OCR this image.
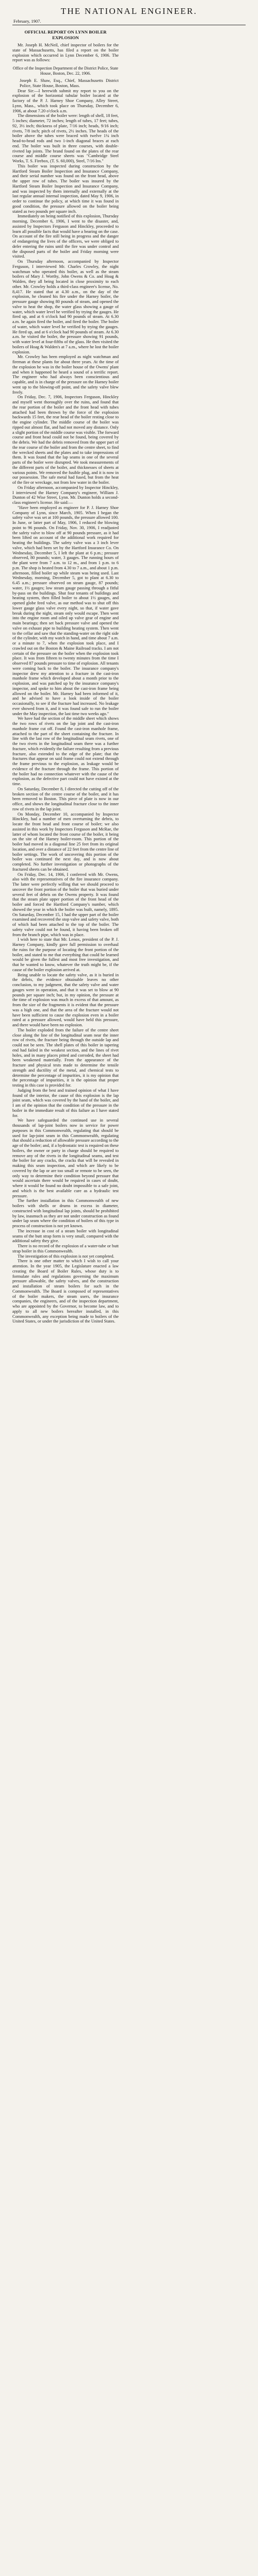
THE NATIONAL ENGINEER.
February, 1907.
OFFICIAL REPORT ON LYNN BOILER EXPLOSION

Mr. Joseph H. McNeil, chief inspector of boilers for the state of Massachusetts, has filed a report on the boiler explosion which occurred in Lynn December 6, 1906. The report was as follows:

Office of the Inspection Department of the District Police, State House, Boston, Dec. 22, 1906.

Joseph E. Shaw, Esq., Chief, Massachusetts District Police, State House, Boston, Mass.

Dear Sir:—I herewith submit my report to you on the explosion of the horizontal tubular boiler located at the factory of the P. J. Harney Shoe Company, Alley Street, Lynn, Mass., which took place on Thursday, December 6, 1906, at about 7.20 o'clock a.m.

The dimensions of the boiler were: length of shell, 18 feet, 5 inches; diameter, 72 inches; length of tubes, 17 feet; tubes, 92, 3½ inch; thickness of plate, 7/16 inch; heads, 9/16 inch; rivets, 7/8 inch; pitch of rivets, 2½ inches. The heads of the boiler above the tubes were braced with twelve 1¼ inch head-to-head rods and two 1-inch diagonal braces at each end. The boiler was built in three courses, with double-riveted lap joints. The brand found on the plates of the rear course and middle course sheets was "Cambridge Steel Works, T. S. Firebox, (T. S. 60,000), Steel, 7/16 Ins."

This boiler was inspected during construction by the Hartford Steam Boiler Inspection and Insurance Company, and their serial number was found on the front head, above the upper row of tubes. The boiler was insured by the Hartford Steam Boiler Inspection and Insurance Company, and was inspected by them internally and externally at the last regular annual internal inspection, dated May 9, 1906, in order to continue the policy, at which time it was found in good condition, the pressure allowed on the boiler being stated as two pounds per square inch.

Immediately on being notified of this explosion, Thursday morning, December 6, 1906, I went to the disaster, and, assisted by Inspectors Ferguson and Hinckley, proceeded to learn all possible facts that would have a bearing on the case. On account of the fire still being in progress and the danger of endangering the lives of the officers, we were obliged to defer entering the ruins until the fire was under control and the disposed parts of the boiler and Friday morning were visited.

On Thursday afternoon, accompanied by Inspector Ferguson, I interviewed Mr. Charles Crowley, the night watchman who operated this boiler, as well as the steam boilers of Mary J. Worthy, John Owens & Co. and Hoag & Walden, they all being located in close proximity to each other. Mr. Crowley holds a third-class engineer's license, No. 8,417. He stated that at 4.30 a.m., on the day of the explosion, he cleaned his fire under the Harney boiler, the pressure gauge showing 80 pounds of steam, and opened the valve to heat the shop, the water glass showing a gauge of water, which water level he verified by trying the gauges. He fired up, and at 6 o'clock had 90 pounds of steam. At 6.30 a.m. he again fired the boiler, and fired the boiler. The boiler of water, which water level he verified by trying the gauges. He fired up, and at 6 o'clock had 90 pounds of steam. At 6.30 a.m. he visited the boiler, the pressure showing 91 pounds, with water level at four-fifths of the glass. He then visited the boilers of Hoag & Walden's at 7 a.m., where he lost the boiler explosion.

Mr. Crowley has been employed as night watchman and fireman at these plants for about three years. At the time of the explosion he was in the boiler house of the Owens' plant and when it happened he heard a sound of a terrific report. The engineer who had always been conscientious and capable, and is in charge of the pressure on the Harney boiler went up to the blowing-off point, and the safety valve blew freely.

On Friday, Dec. 7, 1906, Inspectors Ferguson, Hinckley and myself went thoroughly over the ruins, and found that the rear portion of the boiler and the front head with tubes attached had been thrown by the force of the explosion backwards 15 feet, the rear head of the boiler resting close to the engine cylinder. The middle course of the boiler was ripped out almost flat, and had not moved any distance. Only a slight portion of the middle course was visible. The forward course and front head could not be found, being covered by the debris. We had the debris removed from the upper part of the rear course of the boiler and from the centre sheet, to find the wrecked sheets and the plates and to take impressions of them. It was found that the lap seams in one of the several parts of the boiler were disrupted. We took measurements of the different parts of the boiler, and thicknesses of sheets at various points. We removed the fusible plug, and it is now in our possession. The safe metal had fused, but from the heat of the fire or wreckage, not from low water in the boiler.

On Friday afternoon, accompanied by Inspector Hinckley, I interviewed the Harney Company's engineer, William J. Dunton of 42 Wise Street, Lynn. Mr. Dunton holds a second-class engineer's license. He said:—

"Have been employed as engineer for P. J. Harney Shoe Company of Lynn, since March, 1905. When I began the safety valve was set at 100 pounds, the pressure allowed 100. In June, or latter part of May, 1906, I reduced the blowing point to 96 pounds. On Friday, Nov. 30, 1906, I readjusted the safety valve to blow off at 90 pounds pressure, as it had been lifted on account of the additional work required for heating the buildings. The safety valve was a 3 inch lever valve, which had been set by the Hartford Insurance Co. On Wednesday, December 5, I left the plant at 6 p.m.; pressure observed, 80 pounds; water, 3 gauges. The running hours of the plant were from 7 a.m. to 12 m., and from 1 p.m. to 6 p.m. The shop is heated from 4.30 to 7 a.m., and about 1 p.m. afternoon, filled boiler up while steam was being used. Last Wednesday, morning, December 5, got to plant at 6.30 to 6.45 a.m.; pressure observed on steam gauge, 87 pounds; water, 1½ gauges; low steam gauge passing through a fitful by-pass on the buildings. Shut four tenants of buildings and heating system, then filled boiler to about 1½ gauges, and opened globe feed valve, as our method was to shut off this lower gauge glass valve every night, so that, if water gave break during the night, steam only would escape. Then went into the engine room and oiled up valve gear of engine and main bearings; then set back pressure valve and opened the valve on exhaust pipe to building heating system. Then went to the cellar and saw that the standing-water on the right side of the cylinder, with my watch in hand, and time about 7 a.m. or a minute to 7, when the explosion took place, and I crawled out on the Boston & Maine Railroad tracks. I am not certain of the pressure on the boiler when the explosion took place. It was from fifteen to twenty minutes from the time I observed 87 pounds pressure to time of explosion. All tenants were coming back to the boiler. The insurance company's inspector drew my attention to a fracture in the cast-iron manhole frame which developed about a month prior to the explosion, and was patched up by the insurance company's inspector, and spoke to him about the cast-iron frame being allowed on the boiler. Mr. Harney had been informed of it, and he advised to have a look inside of the boiler occasionally, to see if the fracture had increased. No leakage ever showed from it, and it was found safe to run the boiler under the May inspection, the last time two weeks ago."

We have had the section of the middle sheet which shows the two rows of rivets on the lap joint and the cast-iron manhole frame cut off. Found the cast-iron manhole frame, attached to the part of the sheet containing the fracture. In line with the last row of the longitudinal seam rivets, one of the two rivets in the longitudinal seam there was a further fracture, which evidently the failure resulting from a previous fracture, also extended to the edge of the plate; that the fractures that appear on said frame could not extend through the frame previous to the explosion, as leakage would be evidence of the fracture through the frame. This portion of the boiler had no connection whatever with the cause of the explosion, as the defective part could not have existed at the time.

On Saturday, December 8, I directed the cutting off of the broken section of the centre course of the boiler, and it has been removed to Boston. This piece of plate is now in our office, and shows the longitudinal fracture close to the inner row of rivets in the lap joint.

On Monday, December 10, accompanied by Inspector Hinckley, had a number of men overturning the debris, to locate the front head and front course of boiler; we also assisted in this work by Inspectors Ferguson and McRae, the latter of whom located the front course of the boiler, it being on the site of the Harney boiler-room. This portion of the boiler had moved in a diagonal line 25 feet from its original location, and over a distance of 22 feet from the centre line of boiler settings. The work of uncovering this portion of the boiler was continued the next day, and is now about completed. No further investigation or photographs of the fractured sheets can be obtained.

On Friday, Dec. 14, 1906, I conferred with Mr. Owens, also with the representatives of the fire insurance company. The latter were perfectly willing that we should proceed to uncover the front portion of the boiler that was buried under several feet of debris on the Owens property. It was found that the steam plate upper portion of the front head of the boiler and forced the Hartford Company's number, which showed the year in which the boiler was built, namely, 1895. On Saturday, December 15, I had the upper part of the boiler examined and recovered the stop valve and safety valve, both of which had been attached to the top of the boiler. The safety valve could not be found, it having been broken off from the branch pipe, which was in place.

I wish here to state that Mr. Lenox, president of the P. J. Harney Company, kindly gave full permission to overhaul the ruins for the purpose of locating the front portion of the boiler, and stated to me that everything that could be learned would be given the fullest and most free investigation, and that he wanted to know, whatever the truth might be, if the cause of the boiler explosion arrived at.

Being unable to locate the safety valve, as it is buried in the debris, the evidence obtainable leaves no other conclusion, to my judgment, that the safety valve and water gauges were in operation, and that it was set to blow at 90 pounds per square inch; but, in my opinion, the pressure at the time of explosion was much in excess of that amount, as from the size of the fragments it is evident that the pressure was a high one, and that the area of the fracture would not have been sufficient to cause the explosion even in a boiler rated at a pressure allowed, would have held this pressure, and there would have been no explosion.

The boiler exploded from the failure of the centre sheet close along the line of the longitudinal seam near the inner row of rivets, the fracture being through the outside lap and could not be seen. The shell plates of this boiler in tapering end had failed in the weakest section, and the lines of rivet holes, and in many places pitted and corroded, the sheet had been weakened materially. From the appearance of the fracture and physical tests made to determine the tensile strength and ductility of the metal, and chemical tests to determine the percentage of impurities, it is my opinion that the percentage of impurities, it is the opinion that proper testing in this case is provided for.

Judging from the best and trained opinion of what I have found of the interior, the cause of this explosion is the lap joint seam, which was covered by the hand of the boiler, and I am of the opinion that the condition of the pressure in the boiler in the immediate result of this failure as I have stated for.

We have safeguarded the continued use in several thousands of lap-joint boilers now in service for power purposes in this Commonwealth, regulating that should be used for lap-joint seam in this Commonwealth, regulating that should a reduction of allowable pressure according to the age of the boiler; and, if a hydrostatic test is required on these boilers, the owner or party in charge should be required to remove any of the rivets in the longitudinal seams, and test the boiler for any cracks, the cracks that will be revealed in making this seam inspection, and which are likely to be covered by the lap or are too small or remote to be seen, the only way to determine their condition beyond pressure that would ascertain there would be required in cases of doubt, where it would be found no doubt impossible to a safe joint, and which is the best available cure as a hydraulic test pressure.

The further installation in this Commonwealth of new boilers with shells or drums in excess in diameter, constructed with longitudinal lap joints, should be prohibited by law, inasmuch as they are not under construction as found under lap seam where the condition of boilers of this type in process of construction is not yet known.

The increase in cost of a steam boiler with longitudinal seams of the butt strap form is very small, compared with the additional safety they give.

There is no record of the explosion of a water-tube or butt strap boiler in this Commonwealth.

The investigation of this explosion is not yet completed.

There is one other matter to which I wish to call your attention. In the year 1905, the Legislature enacted a law creating the Board of Boiler Rules, whose duty is to formulate rules and regulations governing the maximum pressure allowable, the safety valves, and the construction and installation of steam boilers for such in the Commonwealth. The Board is composed of representatives of the boiler makers, the steam users, the insurance companies, the engineers, and of the inspection department, who are appointed by the Governor, to become law, and to apply to all new boilers hereafter installed, in this Commonwealth, any exception being made to boilers of the United States, or under the jurisdiction of the United States.
